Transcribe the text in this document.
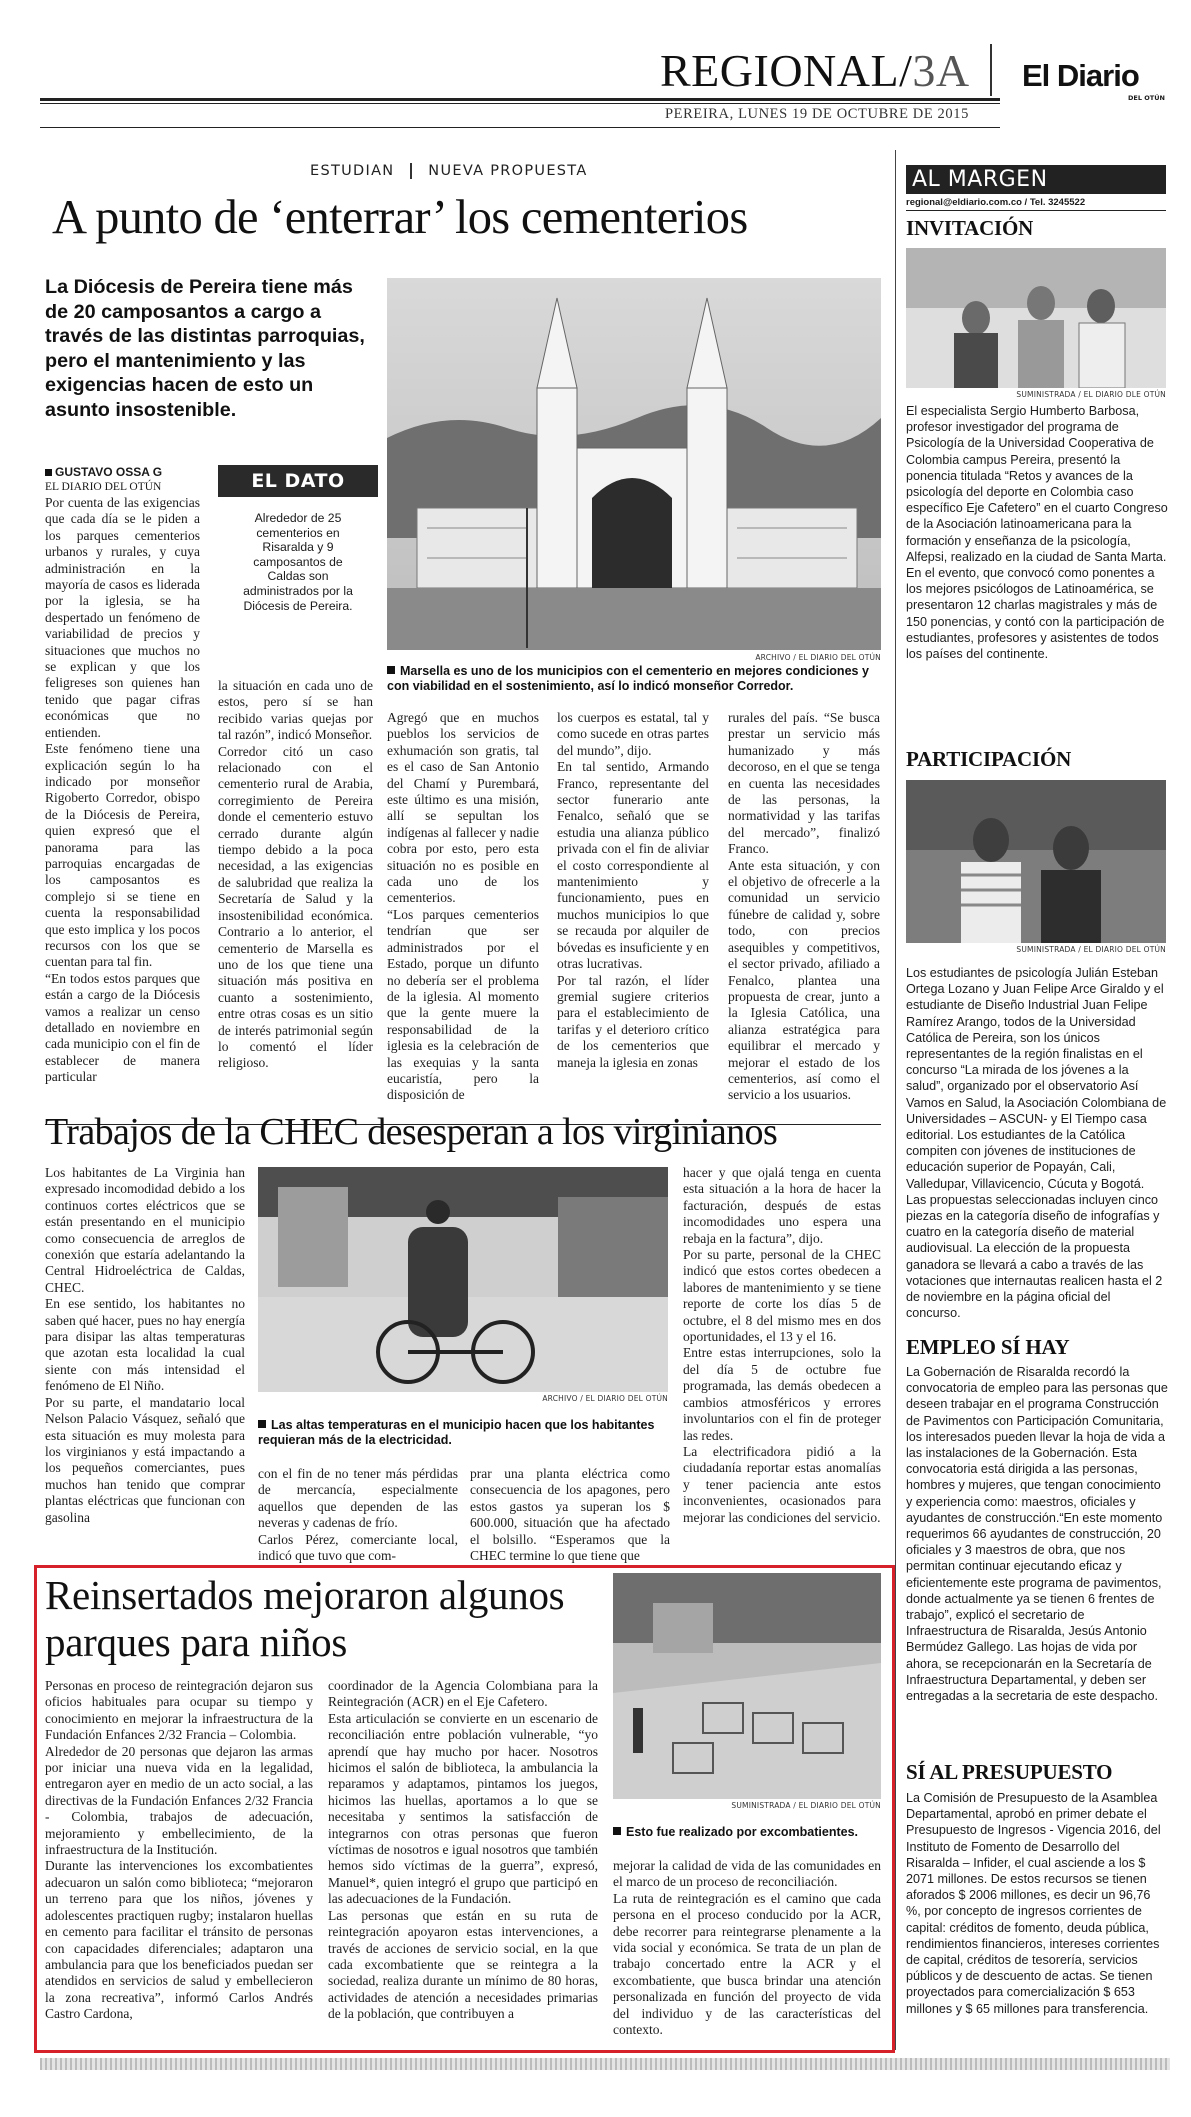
REGIONAL/3A El Diario
DEL OTÚN
PEREIRA, LUNES 19 DE OCTUBRE DE 2015
ESTUDIAN NUEVA PROPUESTA
A punto de ‘enterrar’ los cementerios
La Diócesis de Pereira tiene más de 20 camposantos a cargo a través de las distintas parroquias, pero el mantenimiento y las exigencias hacen de esto un asunto insostenible.
ARCHIVO / EL DIARIO DEL OTÚN
Marsella es uno de los municipios con el cementerio en mejores condiciones y con viabilidad en el sostenimiento, así lo indicó monseñor Corredor.
GUSTAVO OSSA G
EL DIARIO DEL OTÚN
Por cuenta de las exigencias que cada día se le piden a los parques cementerios urbanos y rurales, y cuya administración en la mayoría de casos es liderada por la iglesia, se ha despertado un fenómeno de variabilidad de precios y situaciones que muchos no se explican y que los feligreses son quienes han tenido que pagar cifras económicas que no entienden.
Este fenómeno tiene una explicación según lo ha indicado por monseñor Rigoberto Corredor, obispo de la Diócesis de Pereira, quien expresó que el panorama para las parroquias encargadas de los camposantos es complejo si se tiene en cuenta la responsabilidad que esto implica y los pocos recursos con los que se cuentan para tal fin.
“En todos estos parques que están a cargo de la Diócesis vamos a realizar un censo detallado en noviembre en cada municipio con el fin de establecer de manera particular
EL DATO
Alrededor de 25 cementerios en Risaralda y 9 camposantos de Caldas son administrados por la Diócesis de Pereira.
la situación en cada uno de estos, pero sí se han recibido varias quejas por tal razón”, indicó Monseñor.
Corredor citó un caso relacionado con el cementerio rural de Arabia, corregimiento de Pereira donde el cementerio estuvo cerrado durante algún tiempo debido a la poca necesidad, a las exigencias de salubridad que realiza la Secretaría de Salud y la insostenibilidad económica. Contrario a lo anterior, el cementerio de Marsella es uno de los que tiene una situación más positiva en cuanto a sostenimiento, entre otras cosas es un sitio de interés patrimonial según lo comentó el líder religioso.
Agregó que en muchos pueblos los servicios de exhumación son gratis, tal es el caso de San Antonio del Chamí y Purembará, este último es una misión, allí se sepultan los indígenas al fallecer y nadie cobra por esto, pero esta situación no es posible en cada uno de los cementerios.
“Los parques cementerios tendrían que ser administrados por el Estado, porque un difunto no debería ser el problema de la iglesia. Al momento que la gente muere la responsabilidad de la iglesia es la celebración de las exequias y la santa eucaristía, pero la disposición de
los cuerpos es estatal, tal y como sucede en otras partes del mundo”, dijo.
En tal sentido, Armando Franco, representante del sector funerario ante Fenalco, señaló que se estudia una alianza público privada con el fin de aliviar el costo correspondiente al mantenimiento y funcionamiento, pues en muchos municipios lo que se recauda por alquiler de bóvedas es insuficiente y en otras lucrativas.
Por tal razón, el líder gremial sugiere criterios para el establecimiento de tarifas y el deterioro crítico de los cementerios que maneja la iglesia en zonas
rurales del país. “Se busca prestar un servicio más humanizado y más decoroso, en el que se tenga en cuenta las necesidades de las personas, la normatividad y las tarifas del mercado”, finalizó Franco.
Ante esta situación, y con el objetivo de ofrecerle a la comunidad un servicio fúnebre de calidad y, sobre todo, con precios asequibles y competitivos, el sector privado, afiliado a Fenalco, plantea una propuesta de crear, junto a la Iglesia Católica, una alianza estratégica para equilibrar el mercado y mejorar el estado de los cementerios, así como el servicio a los usuarios.
Trabajos de la CHEC desesperan a los virginianos
Los habitantes de La Virginia han expresado incomodidad debido a los continuos cortes eléctricos que se están presentando en el municipio como consecuencia de arreglos de conexión que estaría adelantando la Central Hidroeléctrica de Caldas, CHEC.
En ese sentido, los habitantes no saben qué hacer, pues no hay energía para disipar las altas temperaturas que azotan esta localidad la cual siente con más intensidad el fenómeno de El Niño.
Por su parte, el mandatario local Nelson Palacio Vásquez, señaló que esta situación es muy molesta para los virginianos y está impactando a los pequeños comerciantes, pues muchos han tenido que comprar plantas eléctricas que funcionan con gasolina
ARCHIVO / EL DIARIO DEL OTÚN
Las altas temperaturas en el municipio hacen que los habitantes requieran más de la electricidad.
con el fin de no tener más pérdidas de mercancía, especialmente aquellos que dependen de las neveras y cadenas de frío.
Carlos Pérez, comerciante local, indicó que tuvo que com-
prar una planta eléctrica como consecuencia de los apagones, pero estos gastos ya superan los $ 600.000, situación que ha afectado el bolsillo. “Esperamos que la CHEC termine lo que tiene que
hacer y que ojalá tenga en cuenta esta situación a la hora de hacer la facturación, después de estas incomodidades uno espera una rebaja en la factura”, dijo.
Por su parte, personal de la CHEC indicó que estos cortes obedecen a labores de mantenimiento y se tiene reporte de corte los días 5 de octubre, el 8 del mismo mes en dos oportunidades, el 13 y el 16.
Entre estas interrupciones, solo la del día 5 de octubre fue programada, las demás obedecen a cambios atmosféricos y errores involuntarios con el fin de proteger las redes.
La electrificadora pidió a la ciudadanía reportar estas anomalías y tener paciencia ante estos inconvenientes, ocasionados para mejorar las condiciones del servicio.
Reinsertados mejoraron algunos parques para niños
SUMINISTRADA / EL DIARIO DEL OTÚN
Esto fue realizado por excombatientes.
Personas en proceso de reintegración dejaron sus oficios habituales para ocupar su tiempo y conocimiento en mejorar la infraestructura de la Fundación Enfances 2/32 Francia – Colombia.
Alrededor de 20 personas que dejaron las armas por iniciar una nueva vida en la legalidad, entregaron ayer en medio de un acto social, a las directivas de la Fundación Enfances 2/32 Francia - Colombia, trabajos de adecuación, mejoramiento y embellecimiento, de la infraestructura de la Institución.
Durante las intervenciones los excombatientes adecuaron un salón como biblioteca; “mejoraron un terreno para que los niños, jóvenes y adolescentes practiquen rugby; instalaron huellas en cemento para facilitar el tránsito de personas con capacidades diferenciales; adaptaron una ambulancia para que los beneficiados puedan ser atendidos en servicios de salud y embellecieron la zona recreativa”, informó Carlos Andrés Castro Cardona,
coordinador de la Agencia Colombiana para la Reintegración (ACR) en el Eje Cafetero.
Esta articulación se convierte en un escenario de reconciliación entre población vulnerable, “yo aprendí que hay mucho por hacer. Nosotros hicimos el salón de biblioteca, la ambulancia la reparamos y adaptamos, pintamos los juegos, hicimos las huellas, aportamos a lo que se necesitaba y sentimos la satisfacción de integrarnos con otras personas que fueron víctimas de nosotros e igual nosotros que también hemos sido víctimas de la guerra”, expresó, Manuel*, quien integró el grupo que participó en las adecuaciones de la Fundación.
Las personas que están en su ruta de reintegración apoyaron estas intervenciones, a través de acciones de servicio social, en la que cada excombatiente que se reintegra a la sociedad, realiza durante un mínimo de 80 horas, actividades de atención a necesidades primarias de la población, que contribuyen a
mejorar la calidad de vida de las comunidades en el marco de un proceso de reconciliación.
La ruta de reintegración es el camino que cada persona en el proceso conducido por la ACR, debe recorrer para reintegrarse plenamente a la vida social y económica. Se trata de un plan de trabajo concertado entre la ACR y el excombatiente, que busca brindar una atención personalizada en función del proyecto de vida del individuo y de las características del contexto.
AL MARGEN
regional@eldiario.com.co / Tel. 3245522
INVITACIÓN
SUMINISTRADA / EL DIARIO DLE OTÚN
El especialista Sergio Humberto Barbosa, profesor investigador del programa de Psicología de la Universidad Cooperativa de Colombia campus Pereira, presentó la ponencia titulada “Retos y avances de la psicología del deporte en Colombia caso específico Eje Cafetero” en el cuarto Congreso de la Asociación latinoamericana para la formación y enseñanza de la psicología, Alfepsi, realizado en la ciudad de Santa Marta. En el evento, que convocó como ponentes a los mejores psicólogos de Latinoamérica, se presentaron 12 charlas magistrales y más de 150 ponencias, y contó con la participación de estudiantes, profesores y asistentes de todos los países del continente.
PARTICIPACIÓN
SUMINISTRADA / EL DIARIO DEL OTÚN
Los estudiantes de psicología Julián Esteban Ortega Lozano y Juan Felipe Arce Giraldo y el estudiante de Diseño Industrial Juan Felipe Ramírez Arango, todos de la Universidad Católica de Pereira, son los únicos representantes de la región finalistas en el concurso “La mirada de los jóvenes a la salud”, organizado por el observatorio Así Vamos en Salud, la Asociación Colombiana de Universidades – ASCUN- y El Tiempo casa editorial. Los estudiantes de la Católica compiten con jóvenes de instituciones de educación superior de Popayán, Cali, Valledupar, Villavicencio, Cúcuta y Bogotá. Las propuestas seleccionadas incluyen cinco piezas en la categoría diseño de infografías y cuatro en la categoría diseño de material audiovisual. La elección de la propuesta ganadora se llevará a cabo a través de las votaciones que internautas realicen hasta el 2 de noviembre en la página oficial del concurso.
EMPLEO SÍ HAY
La Gobernación de Risaralda recordó la convocatoria de empleo para las personas que deseen trabajar en el programa Construcción de Pavimentos con Participación Comunitaria, los interesados pueden llevar la hoja de vida a las instalaciones de la Gobernación. Esta convocatoria está dirigida a las personas, hombres y mujeres, que tengan conocimiento y experiencia como: maestros, oficiales y ayudantes de construcción.“En este momento requerimos 66 ayudantes de construcción, 20 oficiales y 3 maestros de obra, que nos permitan continuar ejecutando eficaz y eficientemente este programa de pavimentos, donde actualmente ya se tienen 6 frentes de trabajo”, explicó el secretario de Infraestructura de Risaralda, Jesús Antonio Bermúdez Gallego. Las hojas de vida por ahora, se recepcionarán en la Secretaría de Infraestructura Departamental, y deben ser entregadas a la secretaria de este despacho.
SÍ AL PRESUPUESTO
La Comisión de Presupuesto de la Asamblea Departamental, aprobó en primer debate el Presupuesto de Ingresos - Vigencia 2016, del Instituto de Fomento de Desarrollo del Risaralda – Infider, el cual asciende a los $ 2071 millones. De estos recursos se tienen aforados $ 2006 millones, es decir un 96,76 %, por concepto de ingresos corrientes de capital: créditos de fomento, deuda pública, rendimientos financieros, intereses corrientes de capital, créditos de tesorería, servicios públicos y de descuento de actas. Se tienen proyectados para comercialización $ 653 millones y $ 65 millones para transferencia.
